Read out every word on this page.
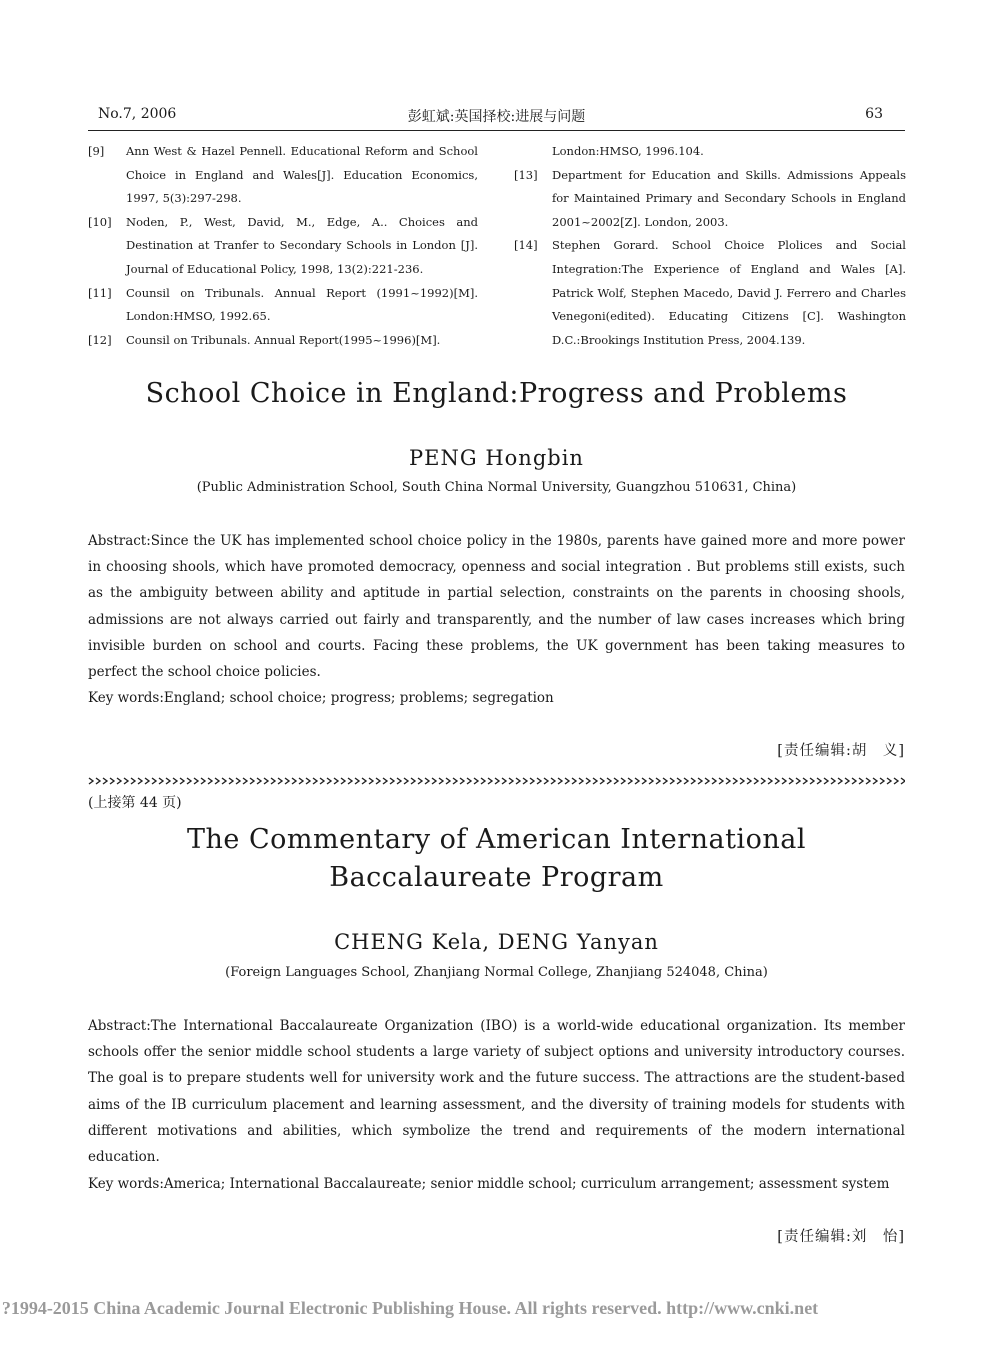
No.7, 2006	彭虹斌:英国择校:进展与问题	63
[9]	Ann West & Hazel Pennell. Educational Reform and School Choice in England and Wales[J]. Education Economics, 1997, 5(3):297-298.
[10]	Noden, P., West, David, M., Edge, A.. Choices and Destination at Tranfer to Secondary Schools in London [J]. Journal of Educational Policy, 1998, 13(2):221-236.
[11]	Counsil on Tribunals. Annual Report (1991~1992)[M]. London:HMSO, 1992.65.
[12]	Counsil on Tribunals. Annual Report(1995~1996)[M].
London:HMSO, 1996.104.
[13]	Department for Education and Skills. Admissions Appeals for Maintained Primary and Secondary Schools in England 2001~2002[Z]. London, 2003.
[14]	Stephen Gorard. School Choice Plolices and Social Integration:The Experience of England and Wales [A]. Patrick Wolf, Stephen Macedo, David J. Ferrero and Charles Venegoni(edited). Educating Citizens [C]. Washington D.C.:Brookings Institution Press, 2004.139.
School Choice in England:Progress and Problems
PENG Hongbin
(Public Administration School, South China Normal University, Guangzhou 510631, China)
Abstract:Since the UK has implemented school choice policy in the 1980s, parents have gained more and more power in choosing shools, which have promoted democracy, openness and social integration . But problems still exists, such as the ambiguity between ability and aptitude in partial selection, constraints on the parents in choosing shools, admissions are not always carried out fairly and transparently, and the number of law cases increases which bring invisible burden on school and courts. Facing these problems, the UK government has been taking measures to perfect the school choice policies.
Key words:England; school choice; progress; problems; segregation
[责任编辑:胡　义]
(上接第 44 页)
The Commentary of American International
Baccalaureate Program
CHENG Kela, DENG Yanyan
(Foreign Languages School, Zhanjiang Normal College, Zhanjiang 524048, China)
Abstract:The International Baccalaureate Organization (IBO) is a world-wide educational organization. Its member schools offer the senior middle school students a large variety of subject options and university introductory courses. The goal is to prepare students well for university work and the future success. The attractions are the student-based aims of the IB curriculum placement and learning assessment, and the diversity of training models for students with different motivations and abilities, which symbolize the trend and requirements of the modern international education.
Key words:America; International Baccalaureate; senior middle school; curriculum arrangement; assessment system
[责任编辑:刘　怡]
?1994-2015 China Academic Journal Electronic Publishing House. All rights reserved. http://www.cnki.net
